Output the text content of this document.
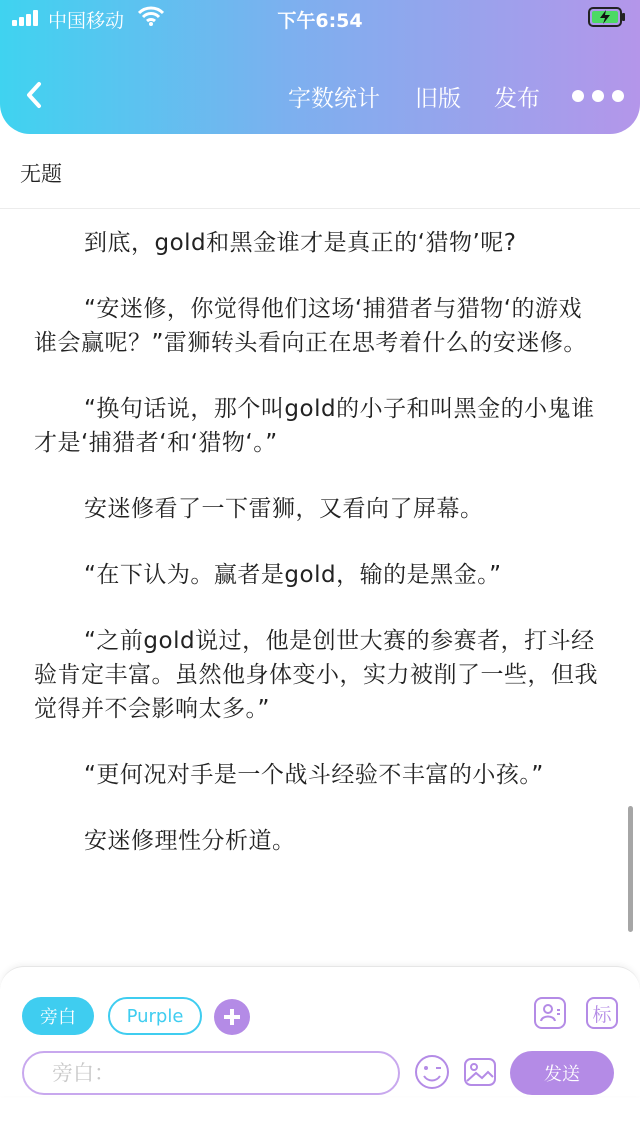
中国移动	下午6:54
字数统计 旧版 发布
无题

到底，gold和黑金谁才是真正的‘猎物’呢?

“安迷修，你觉得他们这场‘捕猎者与猎物‘的游戏谁会赢呢？”雷狮转头看向正在思考着什么的安迷修。

“换句话说，那个叫gold的小子和叫黑金的小鬼谁才是‘捕猎者‘和‘猎物‘。”

安迷修看了一下雷狮，又看向了屏幕。

“在下认为。赢者是gold，输的是黑金。”

“之前gold说过，他是创世大赛的参赛者，打斗经验肯定丰富。虽然他身体变小，实力被削了一些，但我觉得并不会影响太多。”

“更何况对手是一个战斗经验不丰富的小孩。”

安迷修理性分析道。

旁白	Purple	标
旁白：	发送
